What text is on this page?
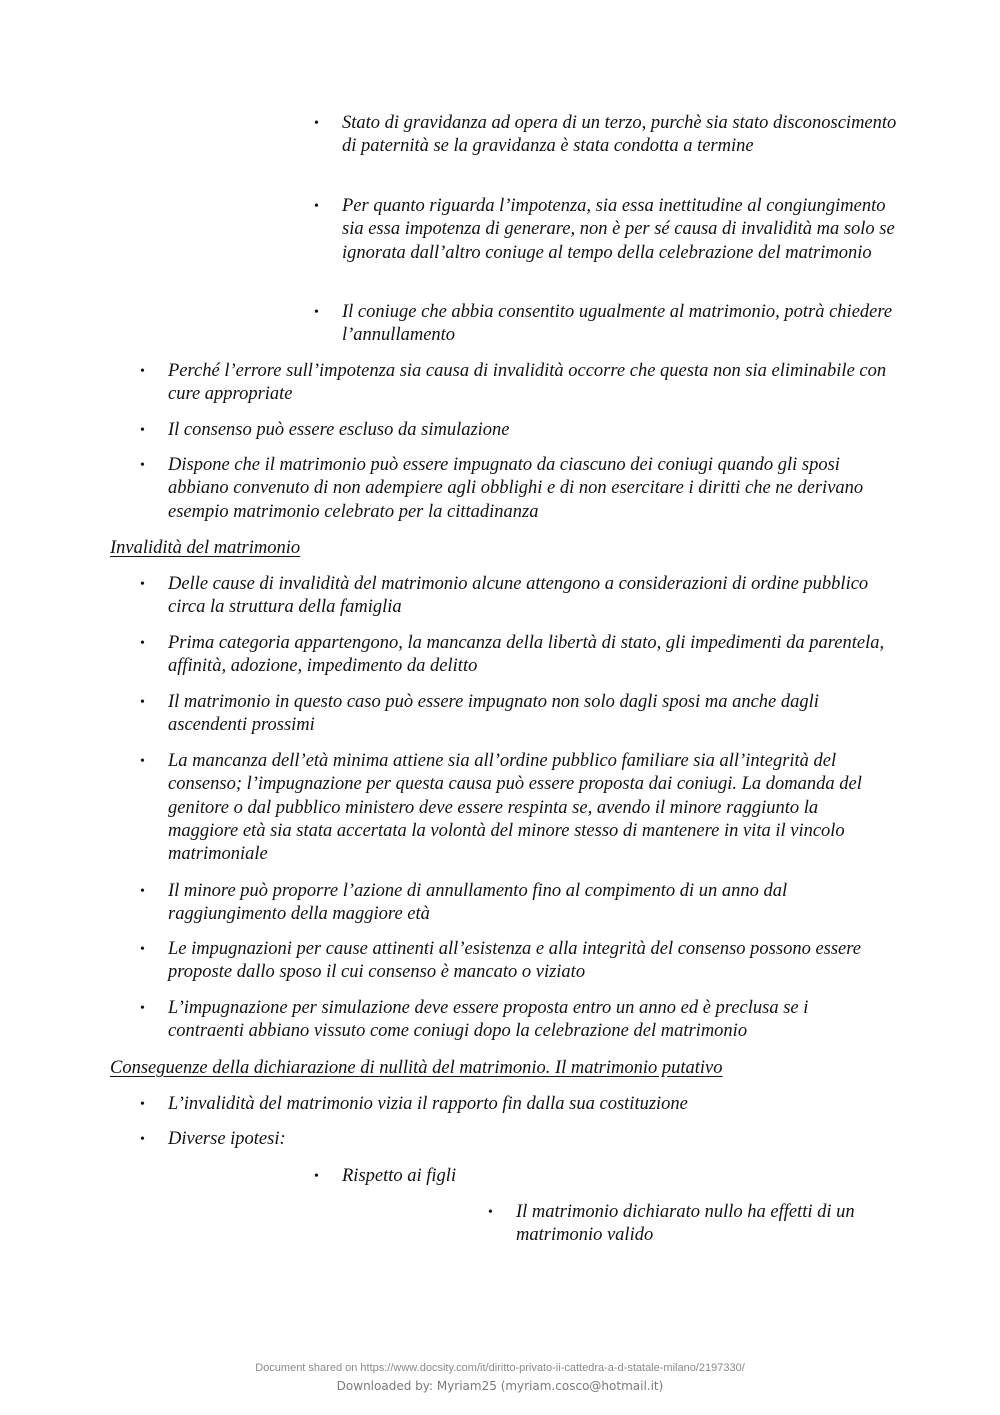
• Stato di gravidanza ad opera di un terzo, purchè sia stato disconoscimento di paternità se la gravidanza è stata condotta a termine
• Per quanto riguarda l’impotenza, sia essa inettitudine al congiungimento sia essa impotenza di generare, non è per sé causa di invalidità ma solo se ignorata dall’altro coniuge al tempo della celebrazione del matrimonio
• Il coniuge che abbia consentito ugualmente al matrimonio, potrà chiedere l’annullamento
• Perché l’errore sull’impotenza sia causa di invalidità occorre che questa non sia eliminabile con cure appropriate
• Il consenso può essere escluso da simulazione
• Dispone che il matrimonio può essere impugnato da ciascuno dei coniugi quando gli sposi abbiano convenuto di non adempiere agli obblighi e di non esercitare i diritti che ne derivano esempio matrimonio celebrato per la cittadinanza
Invalidità del matrimonio
• Delle cause di invalidità del matrimonio alcune attengono a considerazioni di ordine pubblico circa la struttura della famiglia
• Prima categoria appartengono, la mancanza della libertà di stato, gli impedimenti da parentela, affinità, adozione, impedimento da delitto
• Il matrimonio in questo caso può essere impugnato non solo dagli sposi ma anche dagli ascendenti prossimi
• La mancanza dell’età minima attiene sia all’ordine pubblico familiare sia all’integrità del consenso; l’impugnazione per questa causa può essere proposta dai coniugi. La domanda del genitore o dal pubblico ministero deve essere respinta se, avendo il minore raggiunto la maggiore età sia stata accertata la volontà del minore stesso di mantenere in vita il vincolo matrimoniale
• Il minore può proporre l’azione di annullamento fino al compimento di un anno dal raggiungimento della maggiore età
• Le impugnazioni per cause attinenti all’esistenza e alla integrità del consenso possono essere proposte dallo sposo il cui consenso è mancato o viziato
• L’impugnazione per simulazione deve essere proposta entro un anno ed è preclusa se i contraenti abbiano vissuto come coniugi dopo la celebrazione del matrimonio
Conseguenze della dichiarazione di nullità del matrimonio. Il matrimonio putativo
• L’invalidità del matrimonio vizia il rapporto fin dalla sua costituzione
• Diverse ipotesi:
• Rispetto ai figli
• Il matrimonio dichiarato nullo ha effetti di un matrimonio valido
Document shared on https://www.docsity.com/it/diritto-privato-ii-cattedra-a-d-statale-milano/2197330/
Downloaded by: Myriam25 (myriam.cosco@hotmail.it)
